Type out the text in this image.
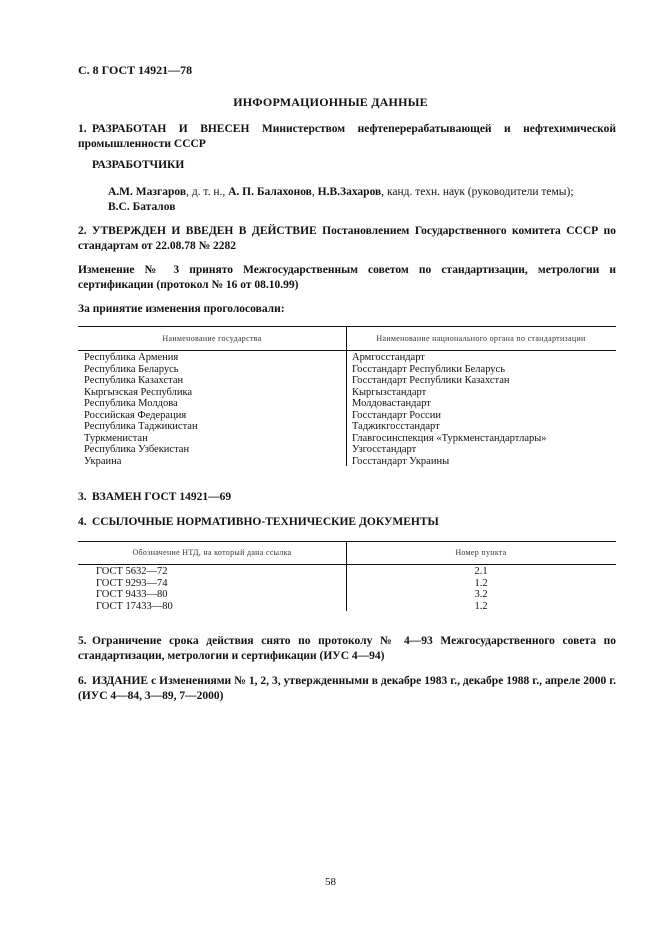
С. 8 ГОСТ 14921—78
ИНФОРМАЦИОННЫЕ ДАННЫЕ
1. РАЗРАБОТАН И ВНЕСЕН Министерством нефтеперерабатывающей и нефтехимической промышленности СССР
РАЗРАБОТЧИКИ
А.М. Мазгаров, д. т. н., А. П. Балахонов, Н.В.Захаров, канд. техн. наук (руководители темы);
В.С. Баталов
2. УТВЕРЖДЕН И ВВЕДЕН В ДЕЙСТВИЕ Постановлением Государственного комитета СССР по стандартам от 22.08.78 № 2282
Изменение № 3 принято Межгосударственным советом по стандартизации, метрологии и сертификации (протокол № 16 от 08.10.99)
За принятие изменения проголосовали:
Наименование государства	Наименование национального органа по стандартизации
Республика Армения
Республика Беларусь
Республика Казахстан
Кыргызская Республика
Республика Молдова
Российская Федерация
Республика Таджикистан
Туркменистан
Республика Узбекистан
Украина
Армгосстандарт
Госстандарт Республики Беларусь
Госстандарт Республики Казахстан
Кыргызстандарт
Молдовастандарт
Госстандарт России
Таджикгосстандарт
Главгосинспекция «Туркменстандартлары»
Узгосстандарт
Госстандарт Украины
3. ВЗАМЕН ГОСТ 14921—69
4. ССЫЛОЧНЫЕ НОРМАТИВНО-ТЕХНИЧЕСКИЕ ДОКУМЕНТЫ
Обозначение НТД, на который дана ссылка	Номер пункта
ГОСТ 5632—72
ГОСТ 9293—74
ГОСТ 9433—80
ГОСТ 17433—80
2.1
1.2
3.2
1.2
5. Ограничение срока действия снято по протоколу № 4—93 Межгосударственного совета по стандартизации, метрологии и сертификации (ИУС 4—94)
6. ИЗДАНИЕ с Изменениями № 1, 2, 3, утвержденными в декабре 1983 г., декабре 1988 г., апреле 2000 г. (ИУС 4—84, 3—89, 7—2000)
58
